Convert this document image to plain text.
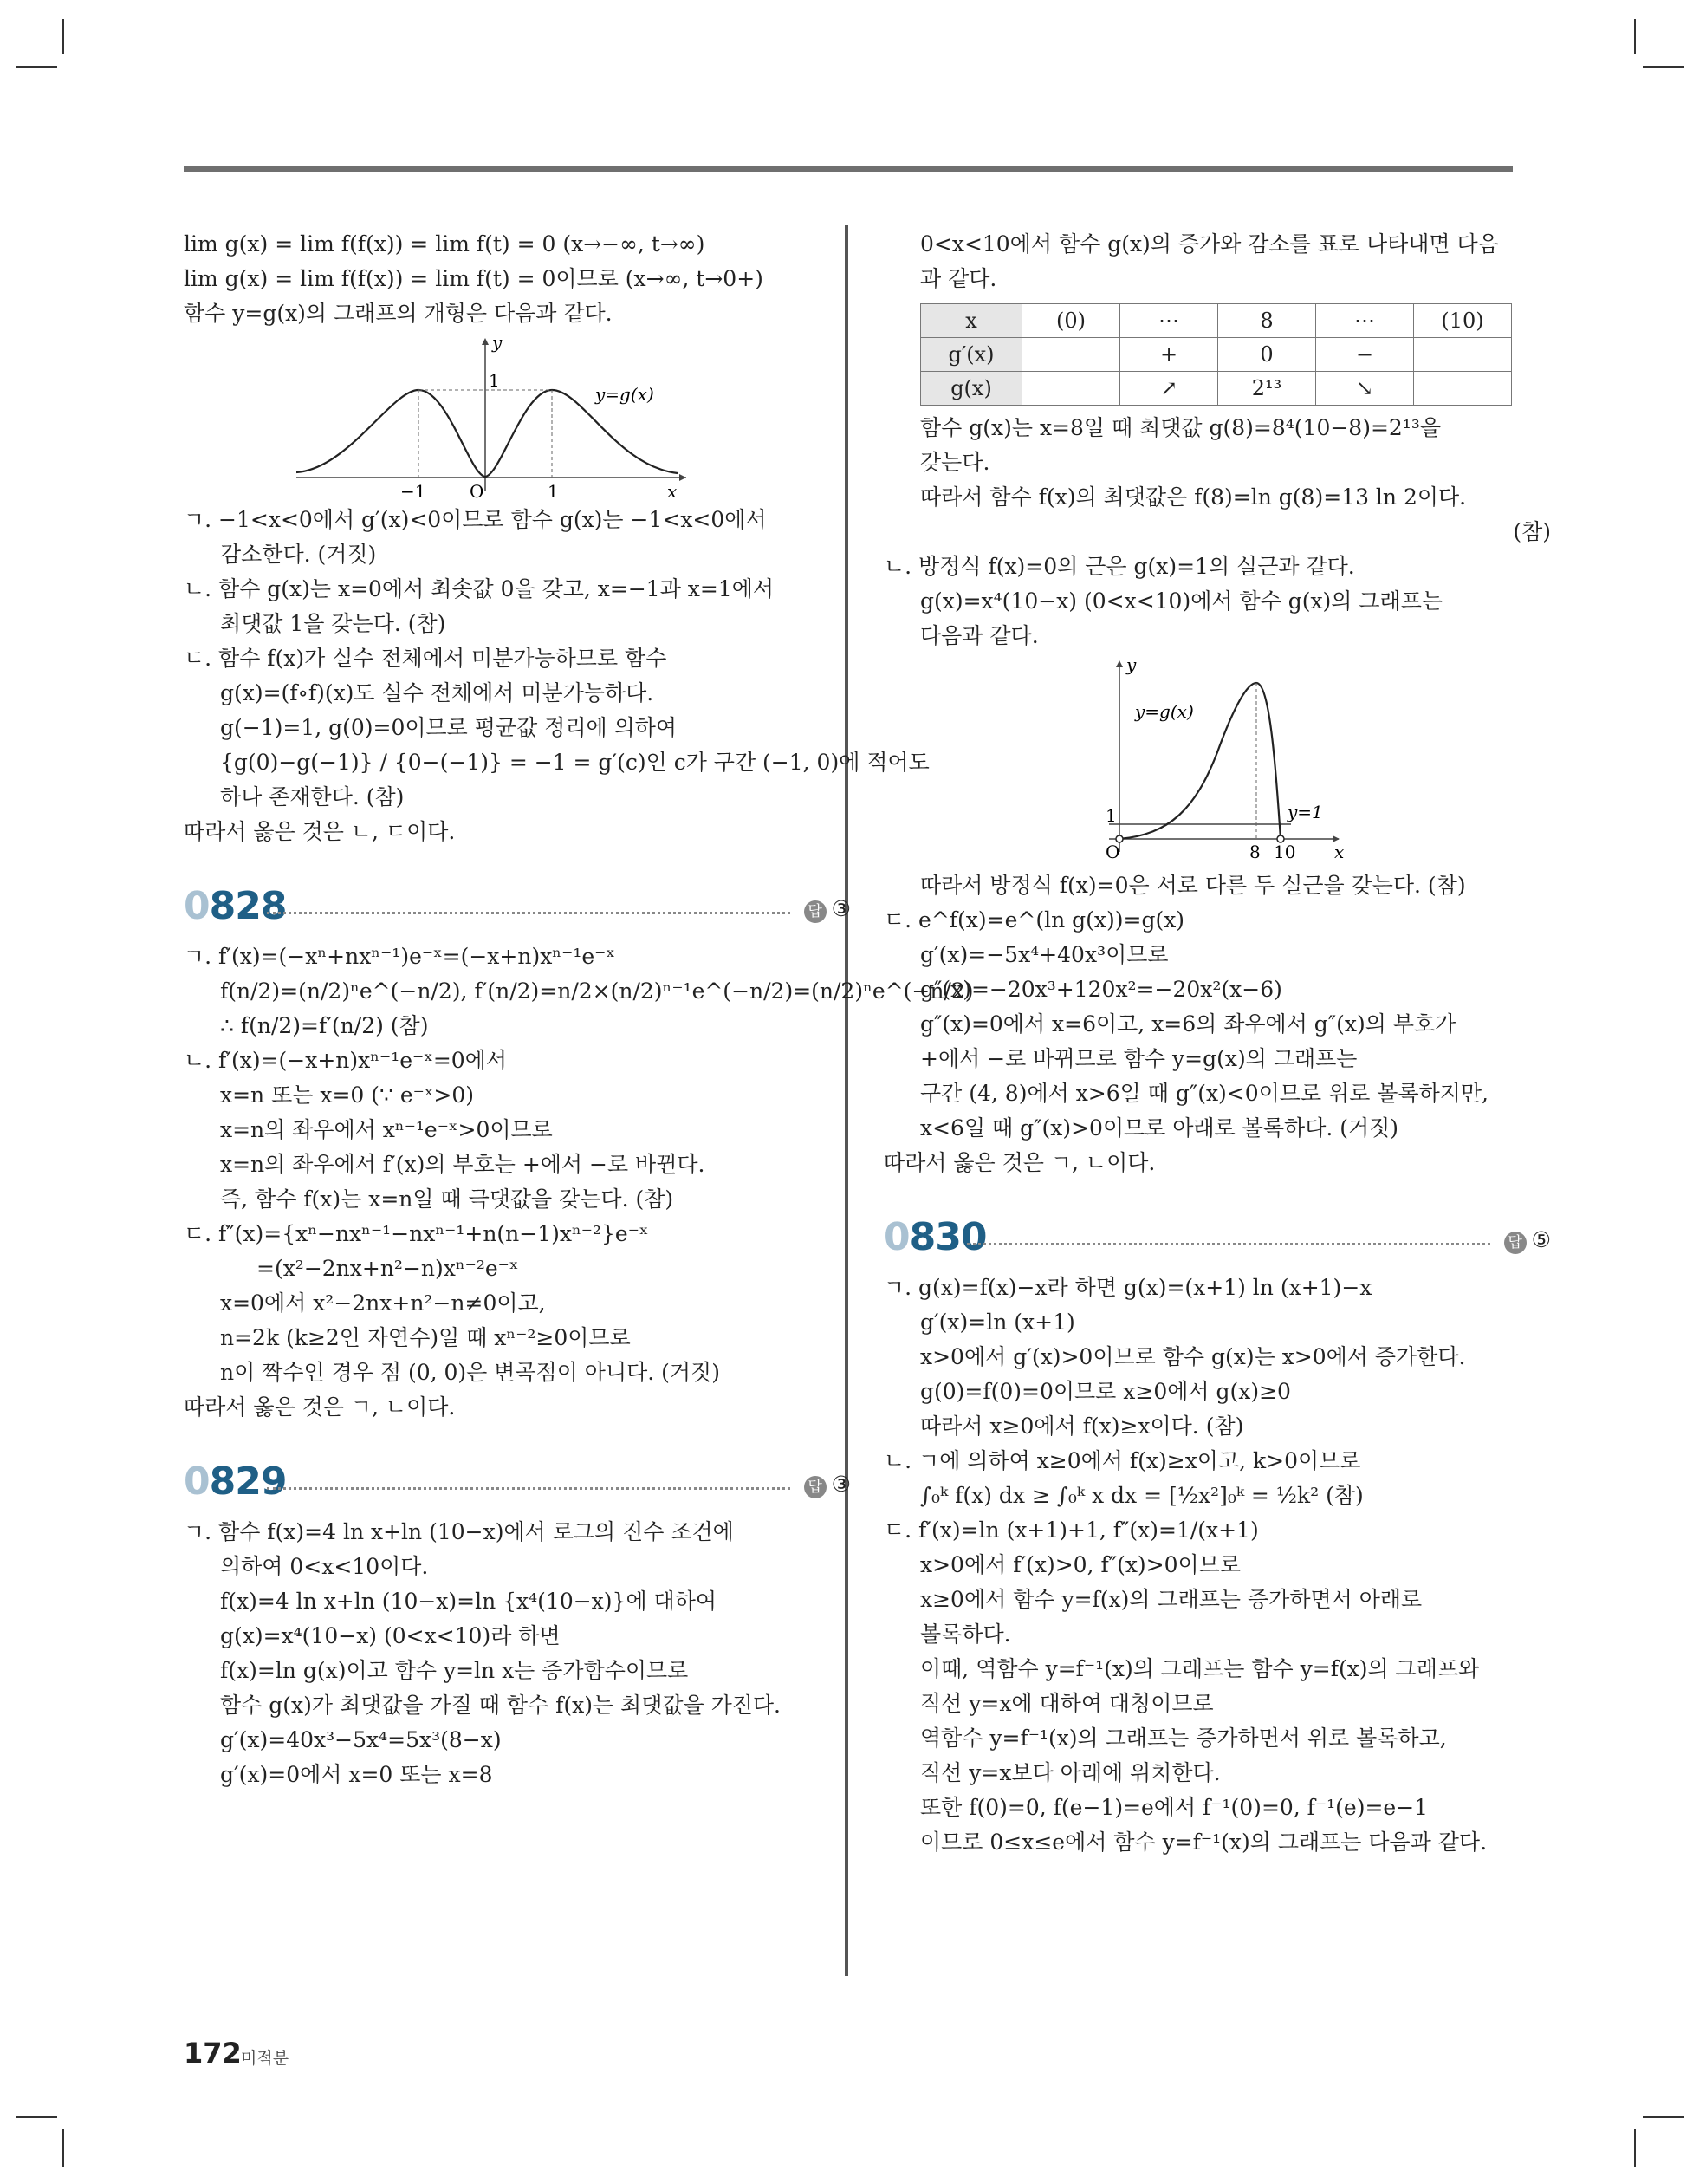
lim g(x) = lim f(f(x)) = lim f(t) = 0 (x→−∞, t→∞)
lim g(x) = lim f(f(x)) = lim f(t) = 0이므로 (x→∞, t→0+)
함수 y=g(x)의 그래프의 개형은 다음과 같다.
x
y
1
−1	1
O
y=g(x)
ㄱ. −1<x<0에서 g′(x)<0이므로 함수 g(x)는 −1<x<0에서
감소한다. (거짓)
ㄴ. 함수 g(x)는 x=0에서 최솟값 0을 갖고, x=−1과 x=1에서
최댓값 1을 갖는다. (참)
ㄷ. 함수 f(x)가 실수 전체에서 미분가능하므로 함수
g(x)=(f∘f)(x)도 실수 전체에서 미분가능하다.
g(−1)=1, g(0)=0이므로 평균값 정리에 의하여
{g(0)−g(−1)} / {0−(−1)} = −1 = g′(c)인 c가 구간 (−1, 0)에 적어도
하나 존재한다. (참)
따라서 옳은 것은 ㄴ, ㄷ이다.
0828	답 ③
ㄱ. f′(x)=(−xⁿ+nxⁿ⁻¹)e⁻ˣ=(−x+n)xⁿ⁻¹e⁻ˣ
f(n/2)=(n/2)ⁿe^(−n/2), f′(n/2)=n/2×(n/2)ⁿ⁻¹e^(−n/2)=(n/2)ⁿe^(−n/2)
∴ f(n/2)=f′(n/2) (참)
ㄴ. f′(x)=(−x+n)xⁿ⁻¹e⁻ˣ=0에서
x=n 또는 x=0 (∵ e⁻ˣ>0)
x=n의 좌우에서 xⁿ⁻¹e⁻ˣ>0이므로
x=n의 좌우에서 f′(x)의 부호는 +에서 −로 바뀐다.
즉, 함수 f(x)는 x=n일 때 극댓값을 갖는다. (참)
ㄷ. f″(x)={xⁿ−nxⁿ⁻¹−nxⁿ⁻¹+n(n−1)xⁿ⁻²}e⁻ˣ
=(x²−2nx+n²−n)xⁿ⁻²e⁻ˣ
x=0에서 x²−2nx+n²−n≠0이고,
n=2k (k≥2인 자연수)일 때 xⁿ⁻²≥0이므로
n이 짝수인 경우 점 (0, 0)은 변곡점이 아니다. (거짓)
따라서 옳은 것은 ㄱ, ㄴ이다.
0829	답 ③
ㄱ. 함수 f(x)=4 ln x+ln (10−x)에서 로그의 진수 조건에
의하여 0<x<10이다.
f(x)=4 ln x+ln (10−x)=ln {x⁴(10−x)}에 대하여
g(x)=x⁴(10−x) (0<x<10)라 하면
f(x)=ln g(x)이고 함수 y=ln x는 증가함수이므로
함수 g(x)가 최댓값을 가질 때 함수 f(x)는 최댓값을 가진다.
g′(x)=40x³−5x⁴=5x³(8−x)
g′(x)=0에서 x=0 또는 x=8
0<x<10에서 함수 g(x)의 증가와 감소를 표로 나타내면 다음
과 같다.
x	(0)	⋯	8	⋯	(10)
g′(x)		+	0	−	
g(x)		↗	2¹³	↘	
함수 g(x)는 x=8일 때 최댓값 g(8)=8⁴(10−8)=2¹³을
갖는다.
따라서 함수 f(x)의 최댓값은 f(8)=ln g(8)=13 ln 2이다.
(참)
ㄴ. 방정식 f(x)=0의 근은 g(x)=1의 실근과 같다.
g(x)=x⁴(10−x) (0<x<10)에서 함수 g(x)의 그래프는
다음과 같다.
x
y
1
O	8 10
y=g(x)
y=1
따라서 방정식 f(x)=0은 서로 다른 두 실근을 갖는다. (참)
ㄷ. e^f(x)=e^(ln g(x))=g(x)
g′(x)=−5x⁴+40x³이므로
g″(x)=−20x³+120x²=−20x²(x−6)
g″(x)=0에서 x=6이고, x=6의 좌우에서 g″(x)의 부호가
+에서 −로 바뀌므로 함수 y=g(x)의 그래프는
구간 (4, 8)에서 x>6일 때 g″(x)<0이므로 위로 볼록하지만,
x<6일 때 g″(x)>0이므로 아래로 볼록하다. (거짓)
따라서 옳은 것은 ㄱ, ㄴ이다.
0830	답 ⑤
ㄱ. g(x)=f(x)−x라 하면 g(x)=(x+1) ln (x+1)−x
g′(x)=ln (x+1)
x>0에서 g′(x)>0이므로 함수 g(x)는 x>0에서 증가한다.
g(0)=f(0)=0이므로 x≥0에서 g(x)≥0
따라서 x≥0에서 f(x)≥x이다. (참)
ㄴ. ㄱ에 의하여 x≥0에서 f(x)≥x이고, k>0이므로
∫₀ᵏ f(x) dx ≥ ∫₀ᵏ x dx = [½x²]₀ᵏ = ½k² (참)
ㄷ. f′(x)=ln (x+1)+1, f″(x)=1/(x+1)
x>0에서 f′(x)>0, f″(x)>0이므로
x≥0에서 함수 y=f(x)의 그래프는 증가하면서 아래로
볼록하다.
이때, 역함수 y=f⁻¹(x)의 그래프는 함수 y=f(x)의 그래프와
직선 y=x에 대하여 대칭이므로
역함수 y=f⁻¹(x)의 그래프는 증가하면서 위로 볼록하고,
직선 y=x보다 아래에 위치한다.
또한 f(0)=0, f(e−1)=e에서 f⁻¹(0)=0, f⁻¹(e)=e−1
이므로 0≤x≤e에서 함수 y=f⁻¹(x)의 그래프는 다음과 같다.
172 미적분
